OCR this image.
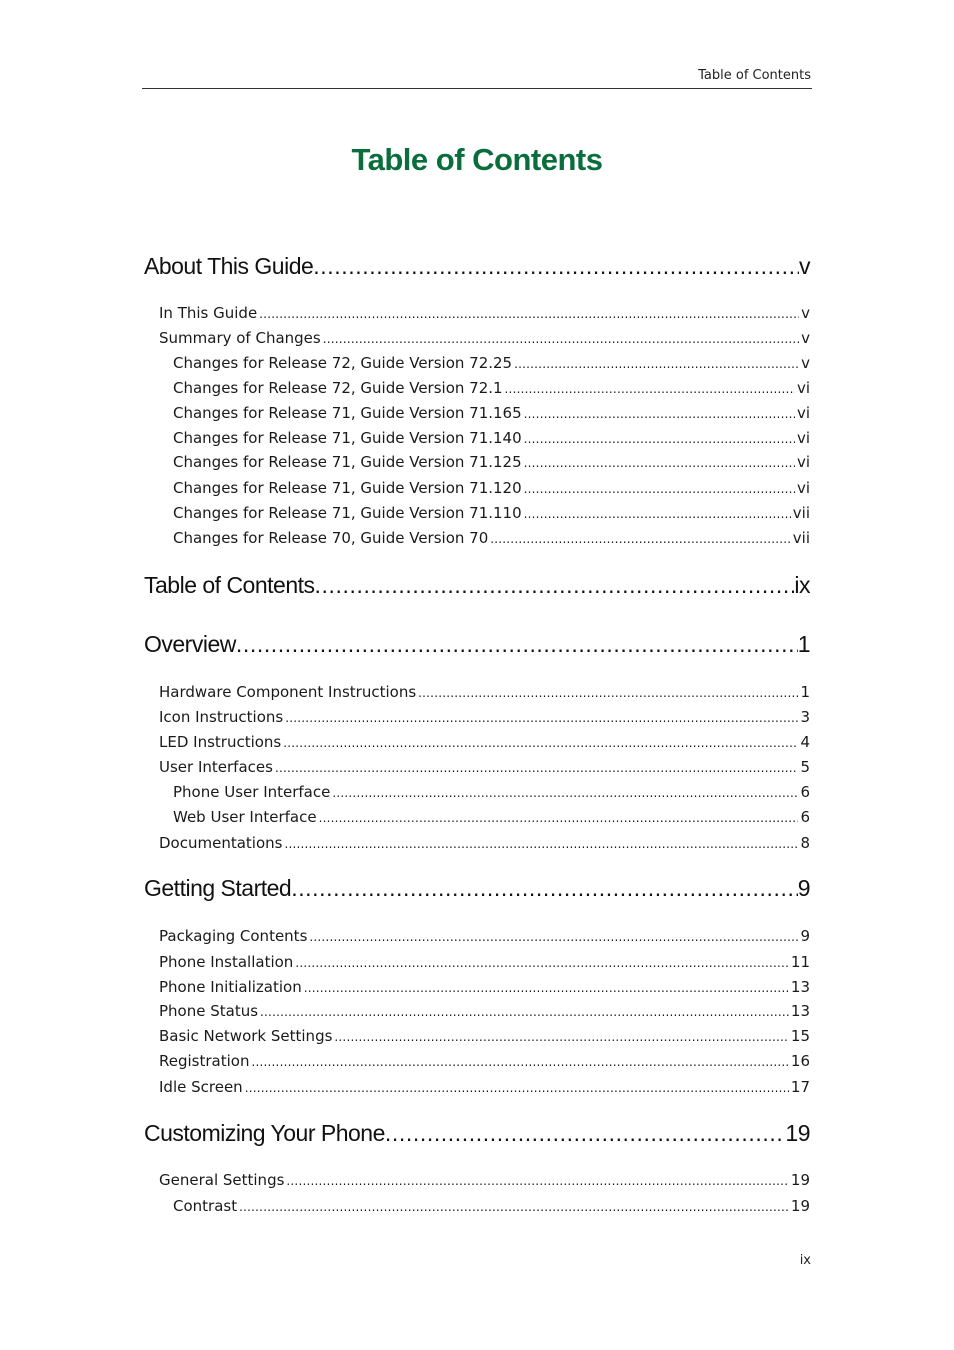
Table of Contents
Table of Contents
About This Guide .....	v
In This Guide .....	v
Summary of Changes .....	v
Changes for Release 72, Guide Version 72.25 .....	v
Changes for Release 72, Guide Version 72.1 .....	vi
Changes for Release 71, Guide Version 71.165 .....	vi
Changes for Release 71, Guide Version 71.140 .....	vi
Changes for Release 71, Guide Version 71.125 .....	vi
Changes for Release 71, Guide Version 71.120 .....	vi
Changes for Release 71, Guide Version 71.110 .....	vii
Changes for Release 70, Guide Version 70 .....	vii
Table of Contents .....	ix
Overview .....	1
Hardware Component Instructions .....	1
Icon Instructions .....	3
LED Instructions .....	4
User Interfaces .....	5
Phone User Interface .....	6
Web User Interface .....	6
Documentations .....	8
Getting Started .....	9
Packaging Contents .....	9
Phone Installation .....	11
Phone Initialization .....	13
Phone Status .....	13
Basic Network Settings .....	15
Registration .....	16
Idle Screen .....	17
Customizing Your Phone .....	19
General Settings .....	19
Contrast .....	19
ix
